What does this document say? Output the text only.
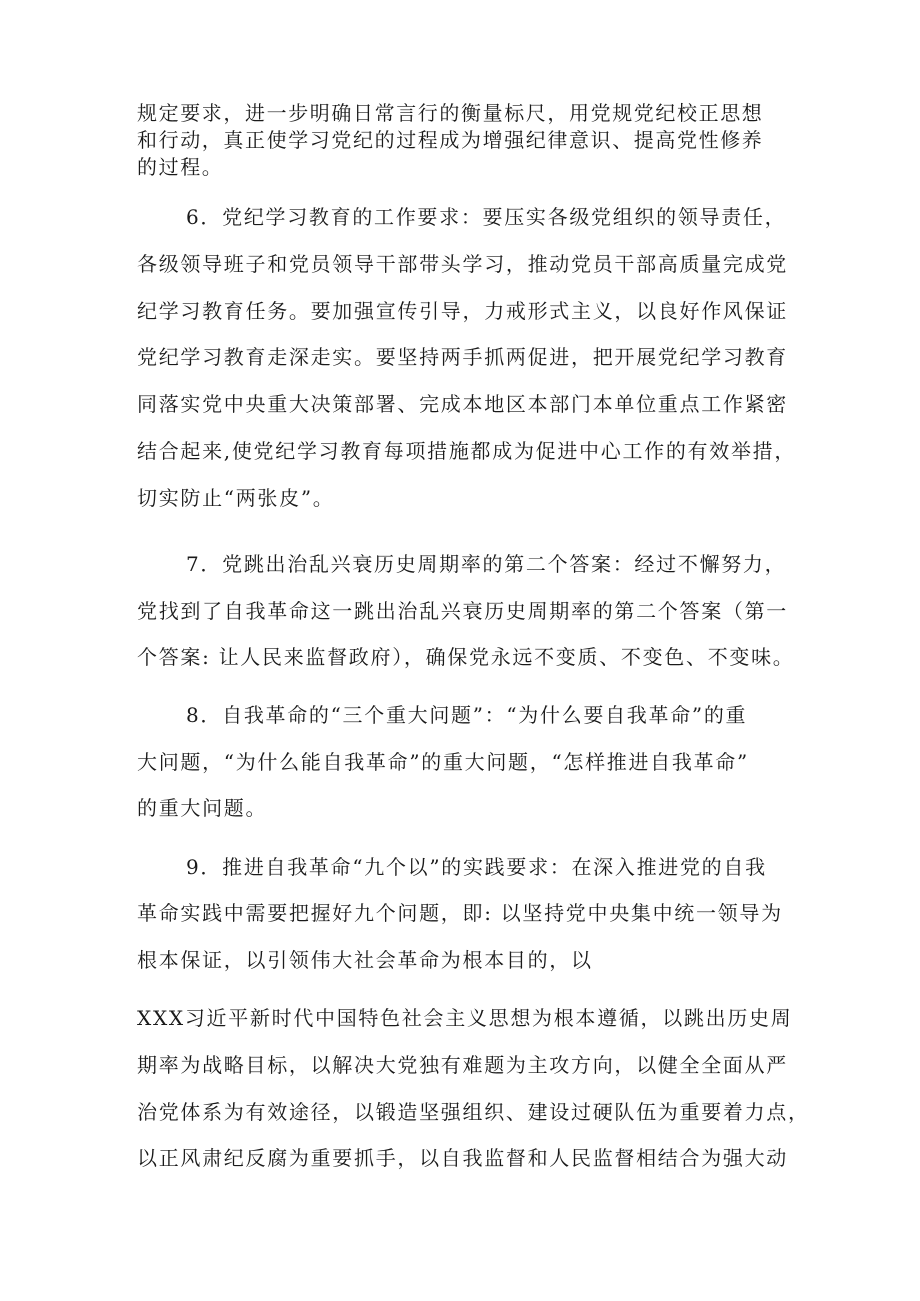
规定要求，进一步明确日常言行的衡量标尺，用党规党纪校正思想

和行动，真正使学习党纪的过程成为增强纪律意识、提高党性修养

的过程。

6．党纪学习教育的工作要求：要压实各级党组织的领导责任，

各级领导班子和党员领导干部带头学习，推动党员干部高质量完成党

纪学习教育任务。要加强宣传引导，力戒形式主义，以良好作风保证

党纪学习教育走深走实。要坚持两手抓两促进，把开展党纪学习教育

同落实党中央重大决策部署、完成本地区本部门本单位重点工作紧密

结合起来,使党纪学习教育每项措施都成为促进中心工作的有效举措，

切实防止“两张皮”。

7．党跳出治乱兴衰历史周期率的第二个答案：经过不懈努力，

党找到了自我革命这一跳出治乱兴衰历史周期率的第二个答案（第一

个答案: 让人民来监督政府），确保党永远不变质、不变色、不变味。

8．自我革命的“三个重大问题”：“为什么要自我革命”的重

大问题，“为什么能自我革命”的重大问题，“怎样推进自我革命”

的重大问题。

9．推进自我革命“九个以”的实践要求：在深入推进党的自我

革命实践中需要把握好九个问题，即: 以坚持党中央集中统一领导为

根本保证，以引领伟大社会革命为根本目的，以

XXX习近平新时代中国特色社会主义思想为根本遵循，以跳出历史周

期率为战略目标，以解决大党独有难题为主攻方向，以健全全面从严

治党体系为有效途径，以锻造坚强组织、建设过硬队伍为重要着力点，

以正风肃纪反腐为重要抓手，以自我监督和人民监督相结合为强大动
